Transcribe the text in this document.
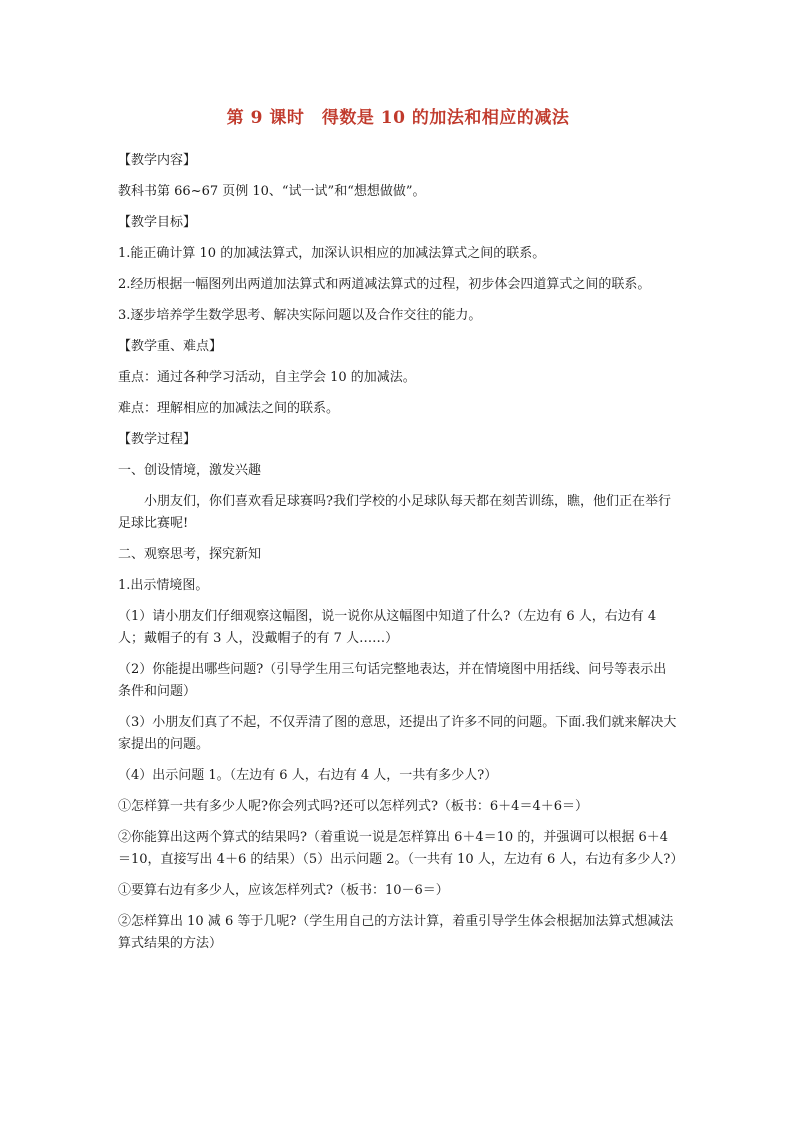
第 9 课时　得数是 10 的加法和相应的减法
【教学内容】
教科书第 66~67 页例 10、“试一试”和“想想做做”。
【教学目标】
1.能正确计算 10 的加减法算式，加深认识相应的加减法算式之间的联系。
2.经历根据一幅图列出两道加法算式和两道减法算式的过程，初步体会四道算式之间的联系。
3.逐步培养学生数学思考、解决实际问题以及合作交往的能力。
【教学重、难点】
重点：通过各种学习活动，自主学会 10 的加减法。
难点：理解相应的加减法之间的联系。
【教学过程】
一、创设情境，激发兴趣
小朋友们，你们喜欢看足球赛吗?我们学校的小足球队每天都在刻苦训练，瞧，他们正在举行足球比赛呢!
二、观察思考，探究新知
1.出示情境图。
（1）请小朋友们仔细观察这幅图，说一说你从这幅图中知道了什么?（左边有 6 人，右边有 4 人；戴帽子的有 3 人，没戴帽子的有 7 人……）
（2）你能提出哪些问题?（引导学生用三句话完整地表达，并在情境图中用括线、问号等表示出条件和问题）
（3）小朋友们真了不起，不仅弄清了图的意思，还提出了许多不同的问题。下面.我们就来解决大家提出的问题。
（4）出示问题 1。（左边有 6 人，右边有 4 人，一共有多少人?）
①怎样算一共有多少人呢?你会列式吗?还可以怎样列式?（板书：6＋4＝4＋6＝）
②你能算出这两个算式的结果吗?（着重说一说是怎样算出 6＋4＝10 的，并强调可以根据 6＋4＝10，直接写出 4＋6 的结果）（5）出示问题 2。（一共有 10 人，左边有 6 人，右边有多少人?）
①要算右边有多少人，应该怎样列式?（板书：10－6＝）
②怎样算出 10 减 6 等于几呢?（学生用自己的方法计算，着重引导学生体会根据加法算式想减法算式结果的方法）
